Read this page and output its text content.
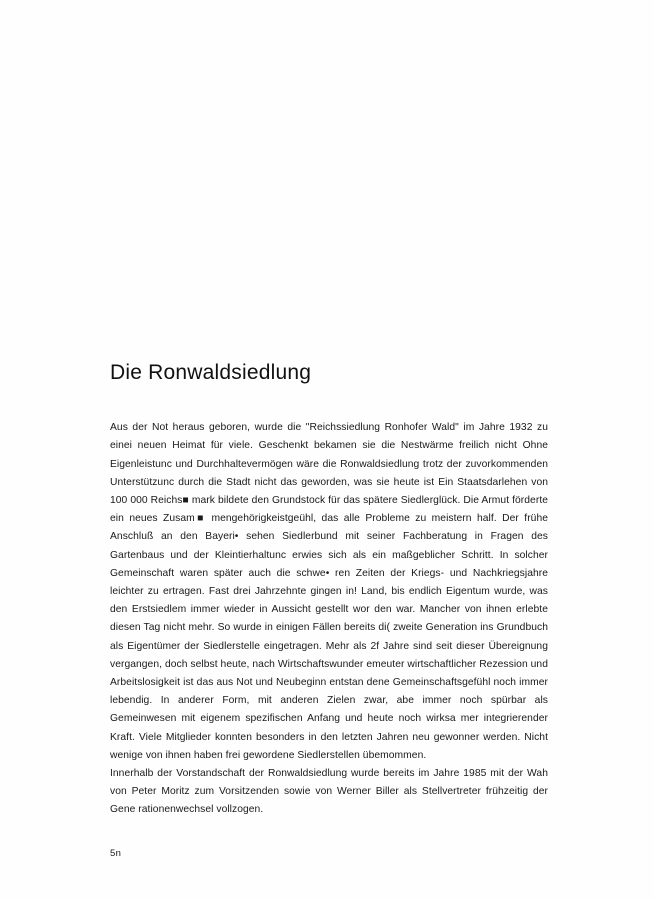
Die Ronwaldsiedlung

Aus der Not heraus geboren, wurde die "Reichssiedlung Ronhofer Wald" im Jahre 1932 zu einei neuen Heimat für viele. Geschenkt bekamen sie die Nestwärme freilich nicht Ohne Eigenleistunc und Durchhaltevermögen wäre die Ronwaldsiedlung trotz der zuvorkommenden Unterstützunc durch die Stadt nicht das geworden, was sie heute ist Ein Staatsdarlehen von 100 000 Reichs■ mark bildete den Grundstock für das spätere Siedlerglück. Die Armut förderte ein neues Zusam■ mengehörigkeistgeühl, das alle Probleme zu meistern half. Der frühe Anschluß an den Bayeri• sehen Siedlerbund mit seiner Fachberatung in Fragen des Gartenbaus und der Kleintierhaltunc erwies sich als ein maßgeblicher Schritt. In solcher Gemeinschaft waren später auch die schwe• ren Zeiten der Kriegs- und Nachkriegsjahre leichter zu ertragen. Fast drei Jahrzehnte gingen in! Land, bis endlich Eigentum wurde, was den Erstsiedlem immer wieder in Aussicht gestellt wor den war. Mancher von ihnen erlebte diesen Tag nicht mehr. So wurde in einigen Fällen bereits di( zweite Generation ins Grundbuch als Eigentümer der Siedlerstelle eingetragen. Mehr als 2f Jahre sind seit dieser Übereignung vergangen, doch selbst heute, nach Wirtschaftswunder emeuter wirtschaftlicher Rezession und Arbeitslosigkeit ist das aus Not und Neubeginn entstan dene Gemeinschaftsgefühl noch immer lebendig. In anderer Form, mit anderen Zielen zwar, abe immer noch spürbar als Gemeinwesen mit eigenem spezifischen Anfang und heute noch wirksa mer integrierender Kraft. Viele Mitglieder konnten besonders in den letzten Jahren neu gewonner werden. Nicht wenige von ihnen haben frei gewordene Siedlerstellen übemommen.

Innerhalb der Vorstandschaft der Ronwaldsiedlung wurde bereits im Jahre 1985 mit der Wah von Peter Moritz zum Vorsitzenden sowie von Werner Biller als Stellvertreter frühzeitig der Gene rationenwechsel vollzogen.

5n
